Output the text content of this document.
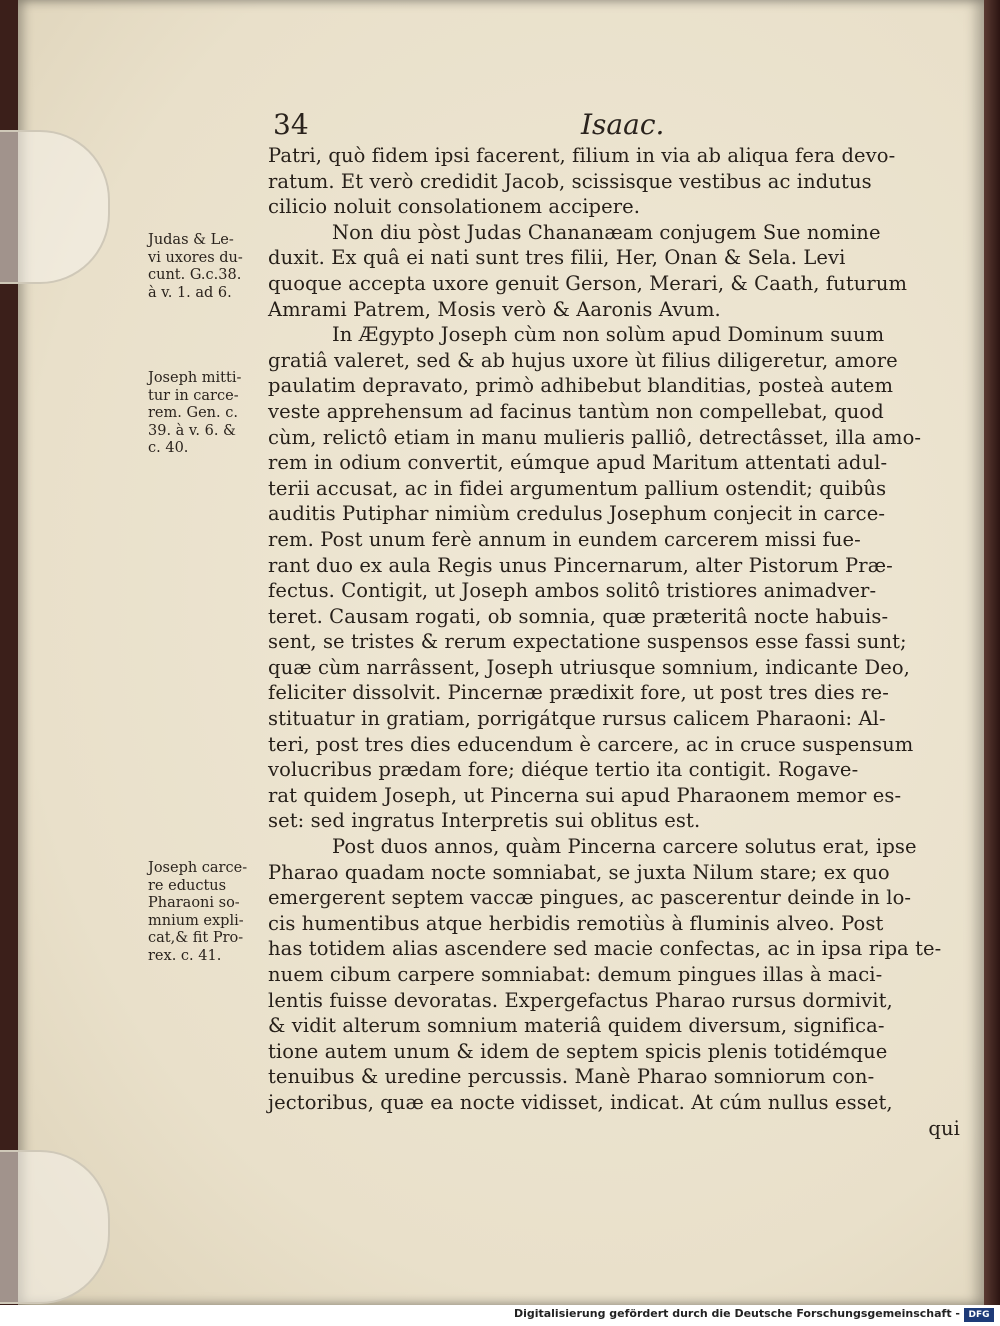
34	Isaac.

Judas & Le-

vi uxores du-

cunt. G.c.38.

à v. 1. ad 6.

Joseph mitti-

tur in carce-

rem. Gen. c.

39. à v. 6. &

c. 40.

Joseph carce-

re eductus

Pharaoni so-

mnium expli-

cat,& fit Pro-

rex. c. 41.

Patri, quò fidem ipsi facerent, filium in via ab aliqua fera devo-

ratum. Et verò credidit Jacob, scissisque vestibus ac indutus

cilicio noluit consolationem accipere.

Non diu pòst Judas Chananæam conjugem Sue nomine

duxit. Ex quâ ei nati sunt tres filii, Her, Onan & Sela. Levi

quoque accepta uxore genuit Gerson, Merari, & Caath, futurum

Amrami Patrem, Mosis verò & Aaronis Avum.

In Ægypto Joseph cùm non solùm apud Dominum suum

gratiâ valeret, sed & ab hujus uxore ùt filius diligeretur, amore

paulatim depravato, primò adhibebut blanditias, posteà autem

veste apprehensum ad facinus tantùm non compellebat, quod

cùm, relictô etiam in manu mulieris palliô, detrectâsset, illa amo-

rem in odium convertit, eúmque apud Maritum attentati adul-

terii accusat, ac in fidei argumentum pallium ostendit; quibûs

auditis Putiphar nimiùm credulus Josephum conjecit in carce-

rem. Post unum ferè annum in eundem carcerem missi fue-

rant duo ex aula Regis unus Pincernarum, alter Pistorum Præ-

fectus. Contigit, ut Joseph ambos solitô tristiores animadver-

teret. Causam rogati, ob somnia, quæ præteritâ nocte habuis-

sent, se tristes & rerum expectatione suspensos esse fassi sunt;

quæ cùm narrâssent, Joseph utriusque somnium, indicante Deo,

feliciter dissolvit. Pincernæ prædixit fore, ut post tres dies re-

stituatur in gratiam, porrigátque rursus calicem Pharaoni: Al-

teri, post tres dies educendum è carcere, ac in cruce suspensum

volucribus prædam fore; diéque tertio ita contigit. Rogave-

rat quidem Joseph, ut Pincerna sui apud Pharaonem memor es-

set: sed ingratus Interpretis sui oblitus est.

Post duos annos, quàm Pincerna carcere solutus erat, ipse

Pharao quadam nocte somniabat, se juxta Nilum stare; ex quo

emergerent septem vaccæ pingues, ac pascerentur deinde in lo-

cis humentibus atque herbidis remotiùs à fluminis alveo. Post

has totidem alias ascendere sed macie confectas, ac in ipsa ripa te-

nuem cibum carpere somniabat: demum pingues illas à maci-

lentis fuisse devoratas. Expergefactus Pharao rursus dormivit,

& vidit alterum somnium materiâ quidem diversum, significa-

tione autem unum & idem de septem spicis plenis totidémque

tenuibus & uredine percussis. Manè Pharao somniorum con-

jectoribus, quæ ea nocte vidisset, indicat. At cúm nullus esset,

qui

Digitalisierung gefördert durch die Deutsche Forschungsgemeinschaft - DFG
